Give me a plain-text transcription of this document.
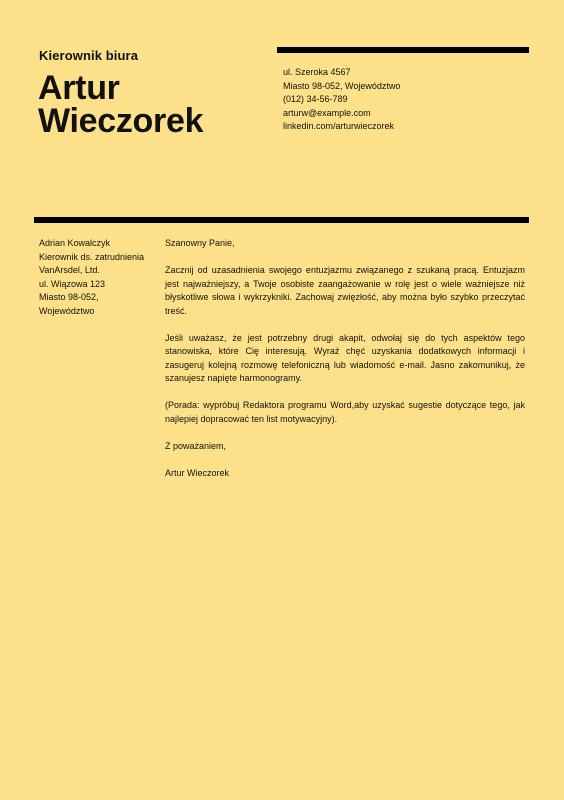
Kierownik biura
Artur
Wieczorek
ul. Szeroka 4567
Miasto 98-052, Województwo
(012) 34-56-789
arturw@example.com
linkedin.com/arturwieczorek
Adrian Kowalczyk
Kierownik ds. zatrudnienia
VanArsdel, Ltd.
ul. Wiązowa 123
Miasto 98-052,
Województwo

Szanowny Panie,

Zacznij od uzasadnienia swojego entuzjazmu związanego z szukaną pracą. Entuzjazm jest najważniejszy, a Twoje osobiste zaangażowanie w rolę jest o wiele ważniejsze niż błyskotliwe słowa i wykrzykniki. Zachowaj zwięzłość, aby można było szybko przeczytać treść.

Jeśli uważasz, że jest potrzebny drugi akapit, odwołaj się do tych aspektów tego stanowiska, które Cię interesują. Wyraź chęć uzyskania dodatkowych informacji i zasugeruj kolejną rozmowę telefoniczną lub wiadomość e-mail. Jasno zakomunikuj, że szanujesz napięte harmonogramy.

(Porada: wypróbuj Redaktora programu Word,aby uzyskać sugestie dotyczące tego, jak najlepiej dopracować ten list motywacyjny).

Z poważaniem,

Artur Wieczorek
